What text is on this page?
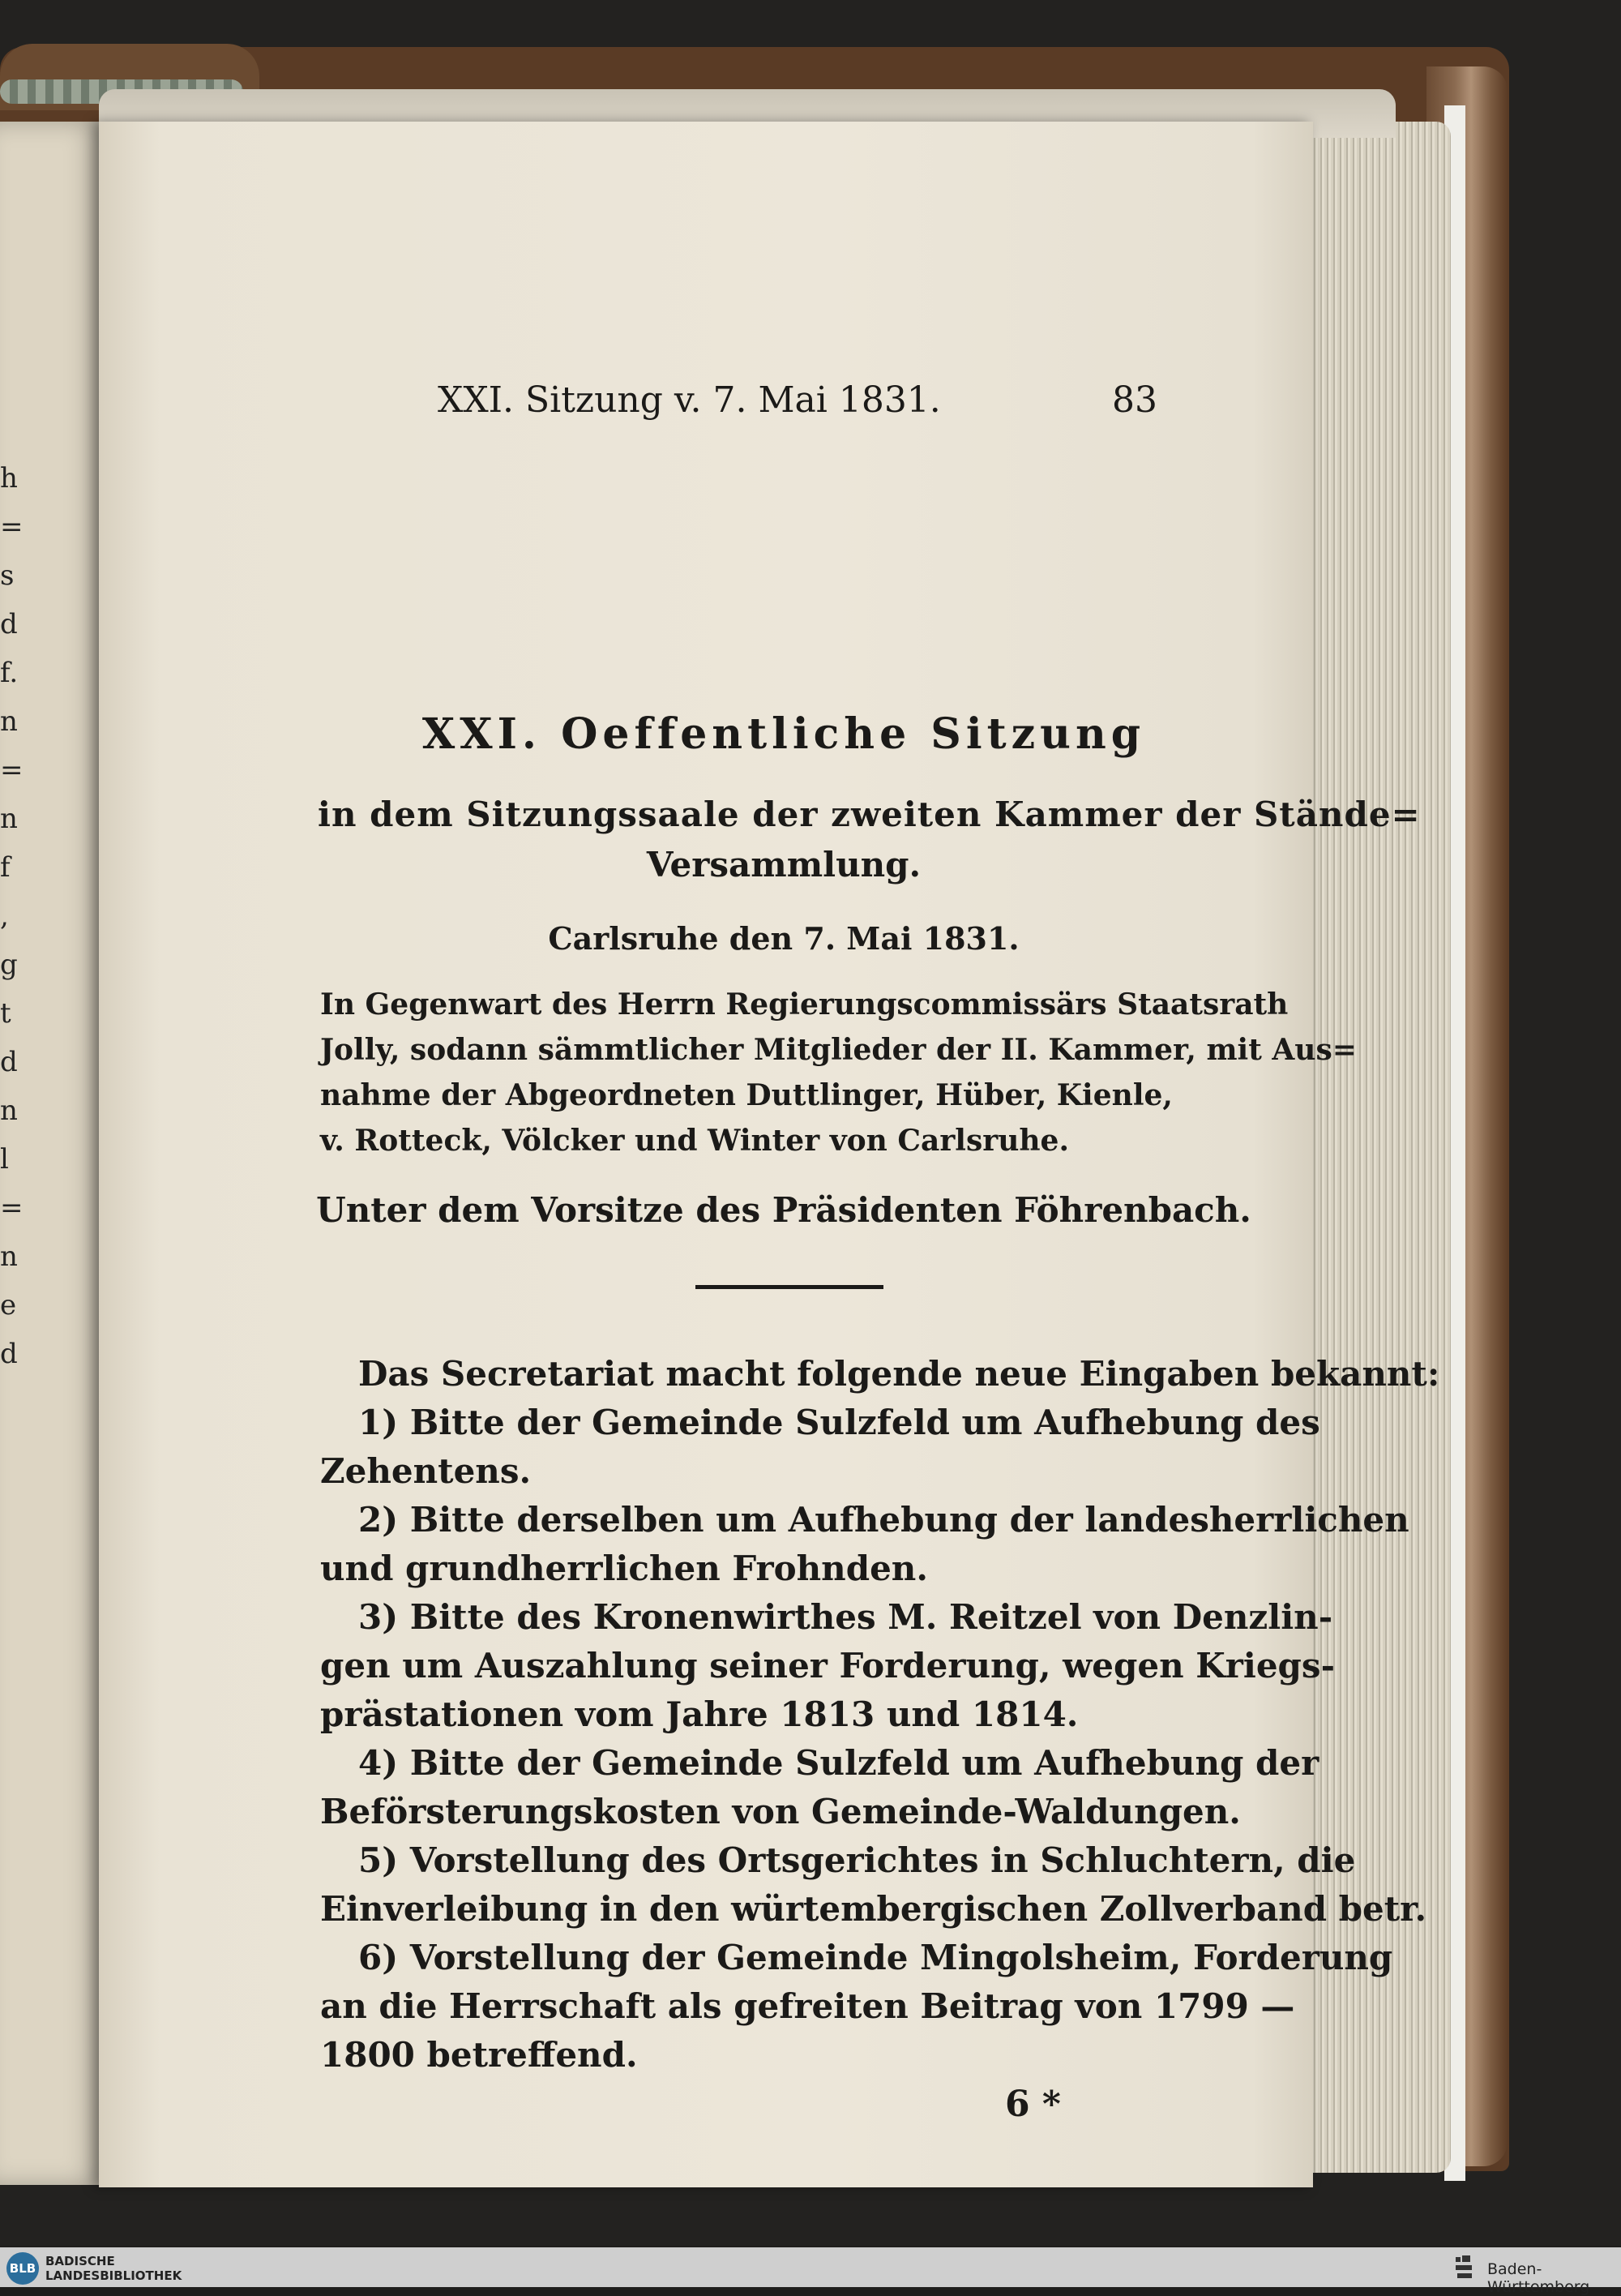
h
=
s
d
f.
n
=
n
f
,
g
t
d
n
l
=
n
e
d
XXI. Sitzung v. 7. Mai 1831.	83
XXI. Oeffentliche Sitzung
in dem Sitzungssaale der zweiten Kammer der Stände=
Versammlung.
Carlsruhe den 7. Mai 1831.
In Gegenwart des Herrn Regierungscommissärs Staatsrath
Jolly, sodann sämmtlicher Mitglieder der II. Kammer, mit Aus=
nahme der Abgeordneten Duttlinger, Hüber, Kienle,
v. Rotteck, Völcker und Winter von Carlsruhe.
Unter dem Vorsitze des Präsidenten Föhrenbach.
Das Secretariat macht folgende neue Eingaben bekannt:
1) Bitte der Gemeinde Sulzfeld um Aufhebung des
Zehentens.
2) Bitte derselben um Aufhebung der landesherrlichen
und grundherrlichen Frohnden.
3) Bitte des Kronenwirthes M. Reitzel von Denzlin-
gen um Auszahlung seiner Forderung, wegen Kriegs-
prästationen vom Jahre 1813 und 1814.
4) Bitte der Gemeinde Sulzfeld um Aufhebung der
Beförsterungskosten von Gemeinde-Waldungen.
5) Vorstellung des Ortsgerichtes in Schluchtern, die
Einverleibung in den würtembergischen Zollverband betr.
6) Vorstellung der Gemeinde Mingolsheim, Forderung
an die Herrschaft als gefreiten Beitrag von 1799 —
1800 betreffend.
6 *
BLB BADISCHE
LANDESBIBLIOTHEK	Baden-Württemberg
